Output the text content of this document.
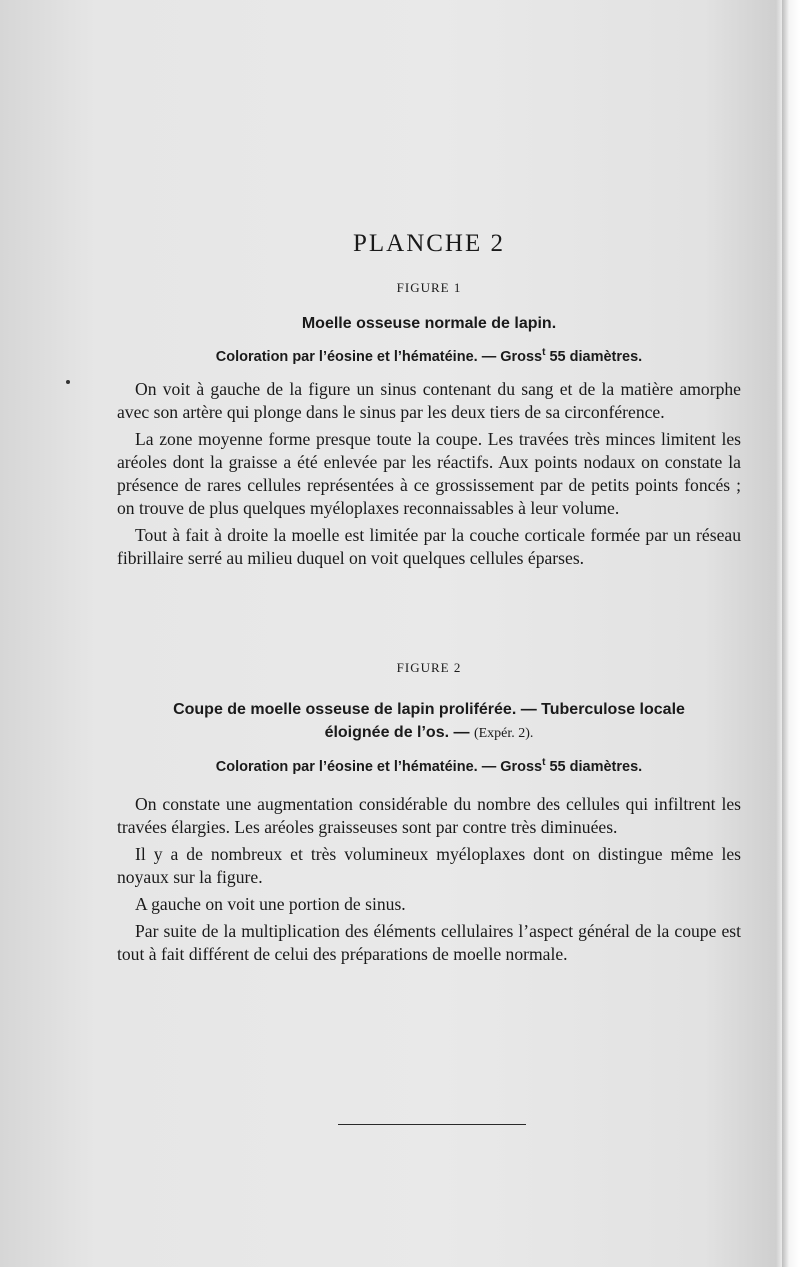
PLANCHE 2
FIGURE 1
Moelle osseuse normale de lapin.
Coloration par l’éosine et l’hématéine. — Gross$^t$ 55 diamètres.

On voit à gauche de la figure un sinus contenant du sang et de la matière amorphe avec son artère qui plonge dans le sinus par les deux tiers de sa circonférence.

La zone moyenne forme presque toute la coupe. Les travées très minces limitent les aréoles dont la graisse a été enlevée par les réactifs. Aux points nodaux on constate la présence de rares cellules représentées à ce grossissement par de petits points foncés ; on trouve de plus quelques myéloplaxes reconnaissables à leur volume.

Tout à fait à droite la moelle est limitée par la couche corticale formée par un réseau fibrillaire serré au milieu duquel on voit quelques cellules éparses.

FIGURE 2
Coupe de moelle osseuse de lapin proliférée. — Tuberculose locale
éloignée de l’os. — (Expér. 2).
Coloration par l’éosine et l’hématéine. — Gross$^t$ 55 diamètres.

On constate une augmentation considérable du nombre des cellules qui infiltrent les travées élargies. Les aréoles graisseuses sont par contre très diminuées.

Il y a de nombreux et très volumineux myéloplaxes dont on distingue même les noyaux sur la figure.

A gauche on voit une portion de sinus.

Par suite de la multiplication des éléments cellulaires l’aspect général de la coupe est tout à fait différent de celui des préparations de moelle normale.
